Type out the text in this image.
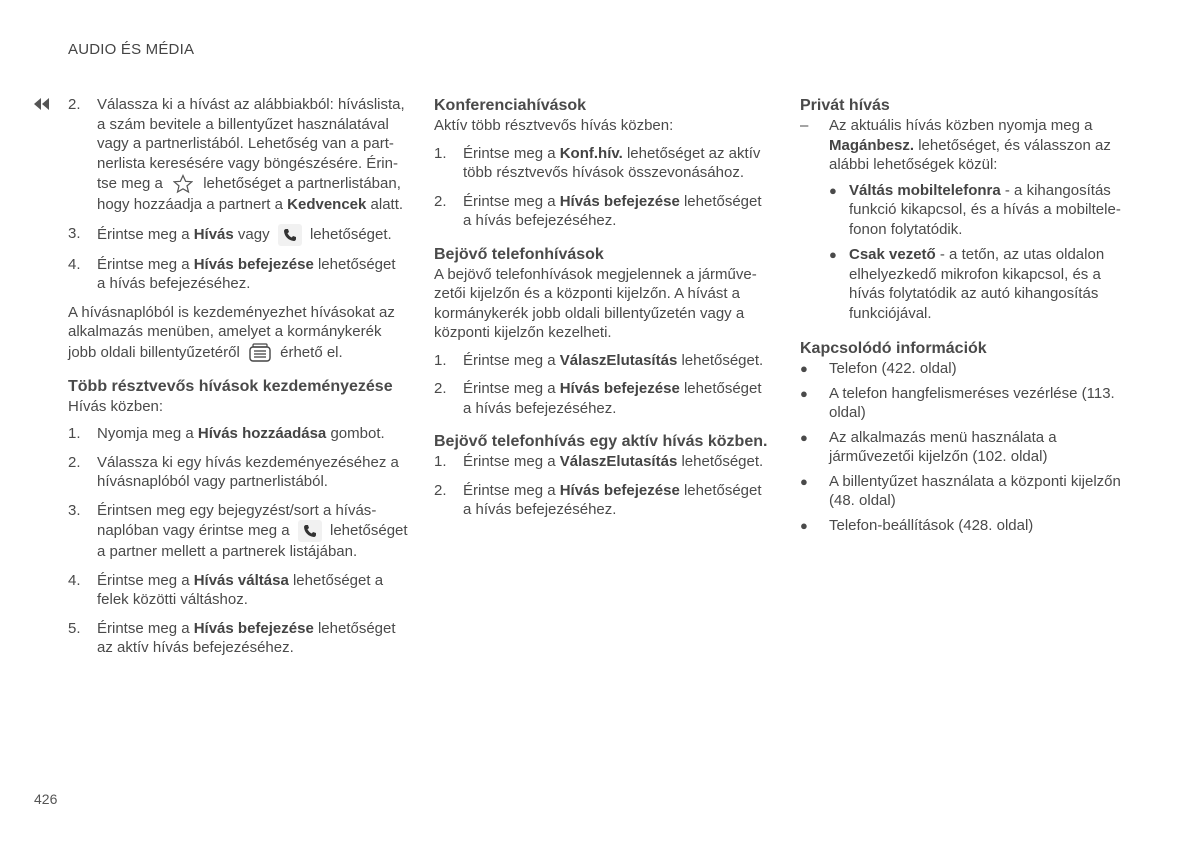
AUDIO ÉS MÉDIA
2. Válassza ki a hívást az alábbiakból: híváslista, a szám bevitele a billentyűzet használatával vagy a partnerlistából. Lehetőség van a partnerlista keresésére vagy böngészésére. Érintse meg a	lehetőséget a partnerlistában, hogy hozzáadja a partnert a Kedvencek alatt.
3. Érintse meg a Hívás vagy	lehetőséget.
4. Érintse meg a Hívás befejezése lehetőséget a hívás befejezéséhez.

A hívásnaplóból is kezdeményezhet hívásokat az alkalmazás menüben, amelyet a kormánykerék jobb oldali billentyűzetéről	érhető el.

Több résztvevős hívások kezdeményezése

Hívás közben:

1. Nyomja meg a Hívás hozzáadása gombot.
2. Válassza ki egy hívás kezdeményezéséhez a hívásnaplóból vagy partnerlistából.
3. Érintsen meg egy bejegyzést/sort a hívásnaplóban vagy érintse meg a	lehetőséget a partner mellett a partnerek listájában.
4. Érintse meg a Hívás váltása lehetőséget a felek közötti váltáshoz.
5. Érintse meg a Hívás befejezése lehetőséget az aktív hívás befejezéséhez.
Konferenciahívások

Aktív több résztvevős hívás közben:

1. Érintse meg a Konf.hív. lehetőséget az aktív több résztvevős hívások összevonásához.
2. Érintse meg a Hívás befejezése lehetőséget a hívás befejezéséhez.
Bejövő telefonhívások

A bejövő telefonhívások megjelennek a járművezetői kijelzőn és a központi kijelzőn. A hívást a kormánykerék jobb oldali billentyűzetén vagy a központi kijelzőn kezelheti.

1. Érintse meg a VálaszElutasítás lehetőséget.
2. Érintse meg a Hívás befejezése lehetőséget a hívás befejezéséhez.
Bejövő telefonhívás egy aktív hívás közben.
1. Érintse meg a VálaszElutasítás lehetőséget.
2. Érintse meg a Hívás befejezése lehetőséget a hívás befejezéséhez.
Privát hívás
– Az aktuális hívás közben nyomja meg a Magánbesz. lehetőséget, és válasszon az alábbi lehetőségek közül:
● Váltás mobiltelefonra - a kihangosítás funkció kikapcsol, és a hívás a mobiltelefonon folytatódik.
● Csak vezető - a tetőn, az utas oldalon elhelyezkedő mikrofon kikapcsol, és a hívás folytatódik az autó kihangosítás funkciójával.
Kapcsolódó információk
● Telefon (422. oldal)
● A telefon hangfelismeréses vezérlése (113. oldal)
● Az alkalmazás menü használata a járművezetői kijelzőn (102. oldal)
● A billentyűzet használata a központi kijelzőn (48. oldal)
● Telefon-beállítások (428. oldal)
426
